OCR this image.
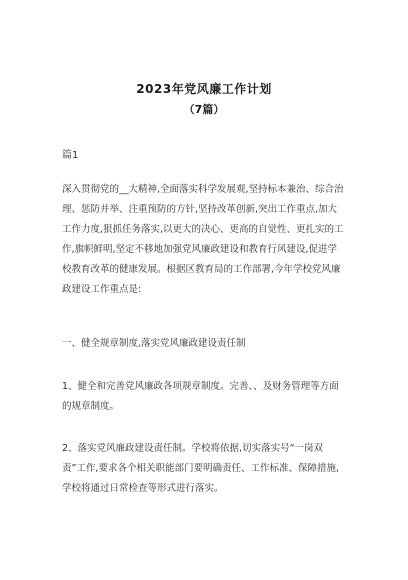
2023年党风廉工作计划
（7篇）
篇1
深入贯彻党的__大精神,全面落实科学发展观,坚持标本兼治、综合治
理、惩防并举、注重预防的方针,坚持改革创新,突出工作重点,加大
工作力度,狠抓任务落实,以更大的决心、更高的自觉性、更扎实的工
作,旗帜鲜明,坚定不移地加强党风廉政建设和教育行风建设,促进学
校教育改革的健康发展。根据区教育局的工作部署,今年学校党风廉
政建设工作重点是:
一、健全规章制度,落实党风廉政建设责任制
1、健全和完善党风廉政各项规章制度。完善、、及财务管理等方面
的规章制度。
2、落实党风廉政建设责任制。学校将依据,切实落实号“一岗双
责”工作,要求各个相关职能部门要明确责任、工作标准、保障措施,
学校将通过日常检查等形式进行落实。
